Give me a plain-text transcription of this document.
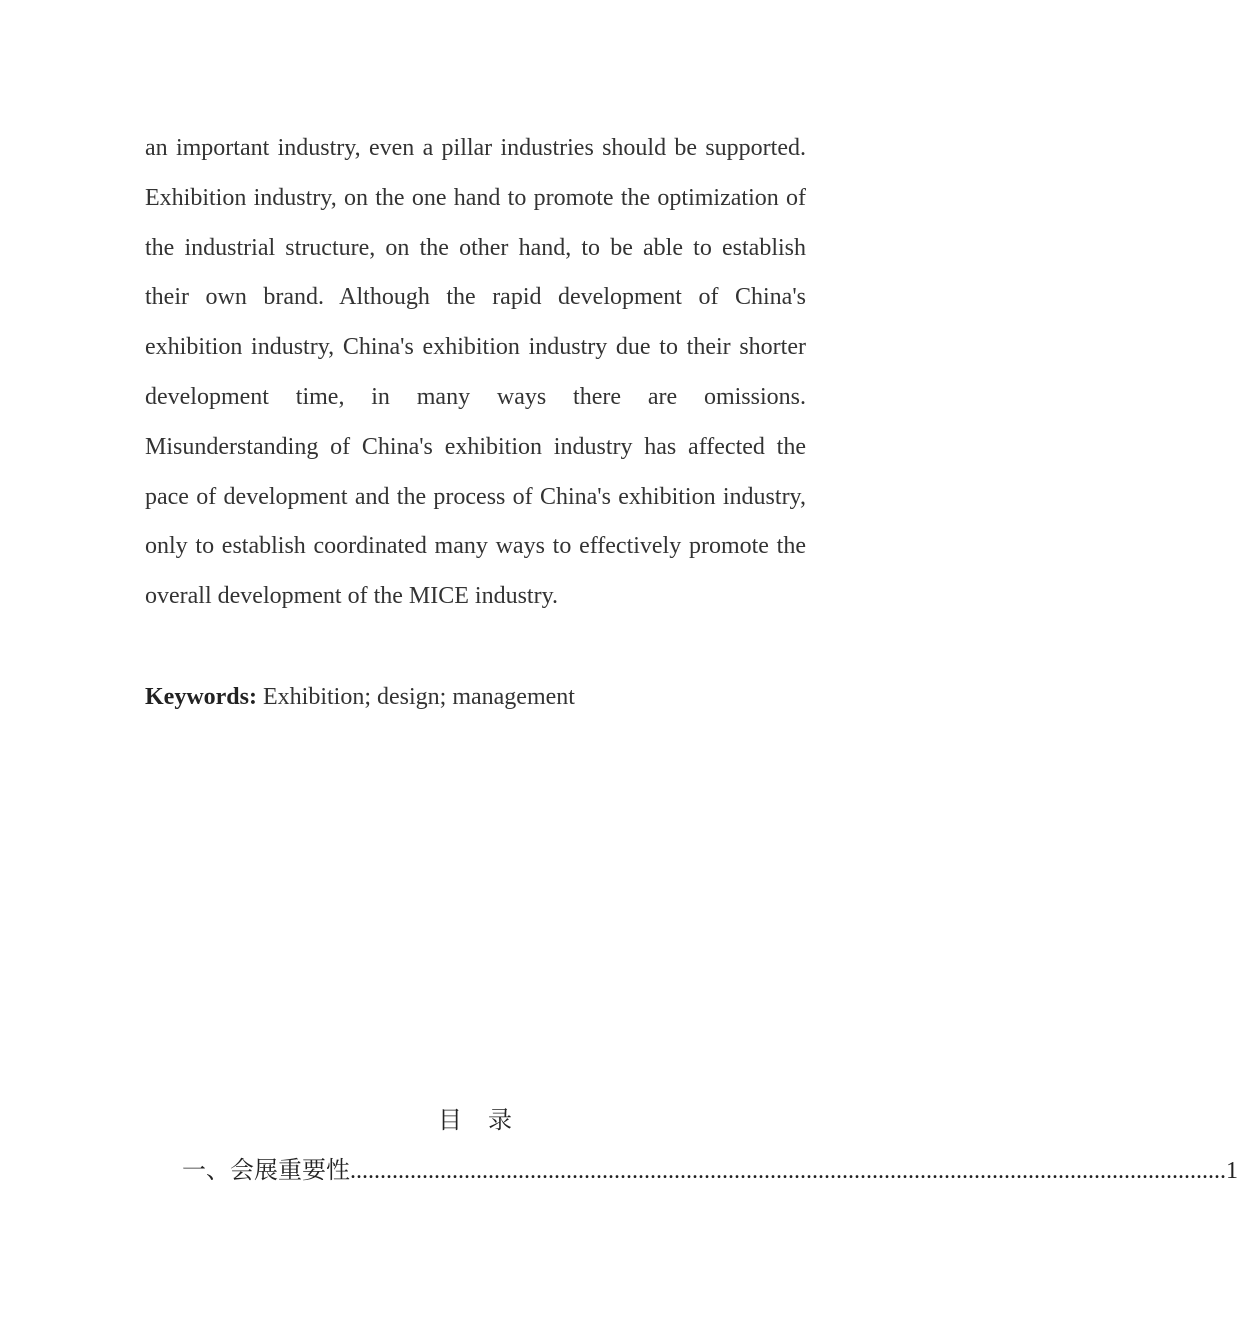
an important industry, even a pillar industries should be supported. Exhibition industry, on the one hand to promote the optimization of the industrial structure, on the other hand, to be able to establish their own brand. Although the rapid development of China's exhibition industry, China's exhibition industry due to their shorter development time, in many ways there are omissions. Misunderstanding of China's exhibition industry has affected the pace of development and the process of China's exhibition industry, only to establish coordinated many ways to effectively promote the overall development of the MICE industry.

Keywords: Exhibition; design; management

目录
一、会展重要性 .................................................................................................................................................. 1
